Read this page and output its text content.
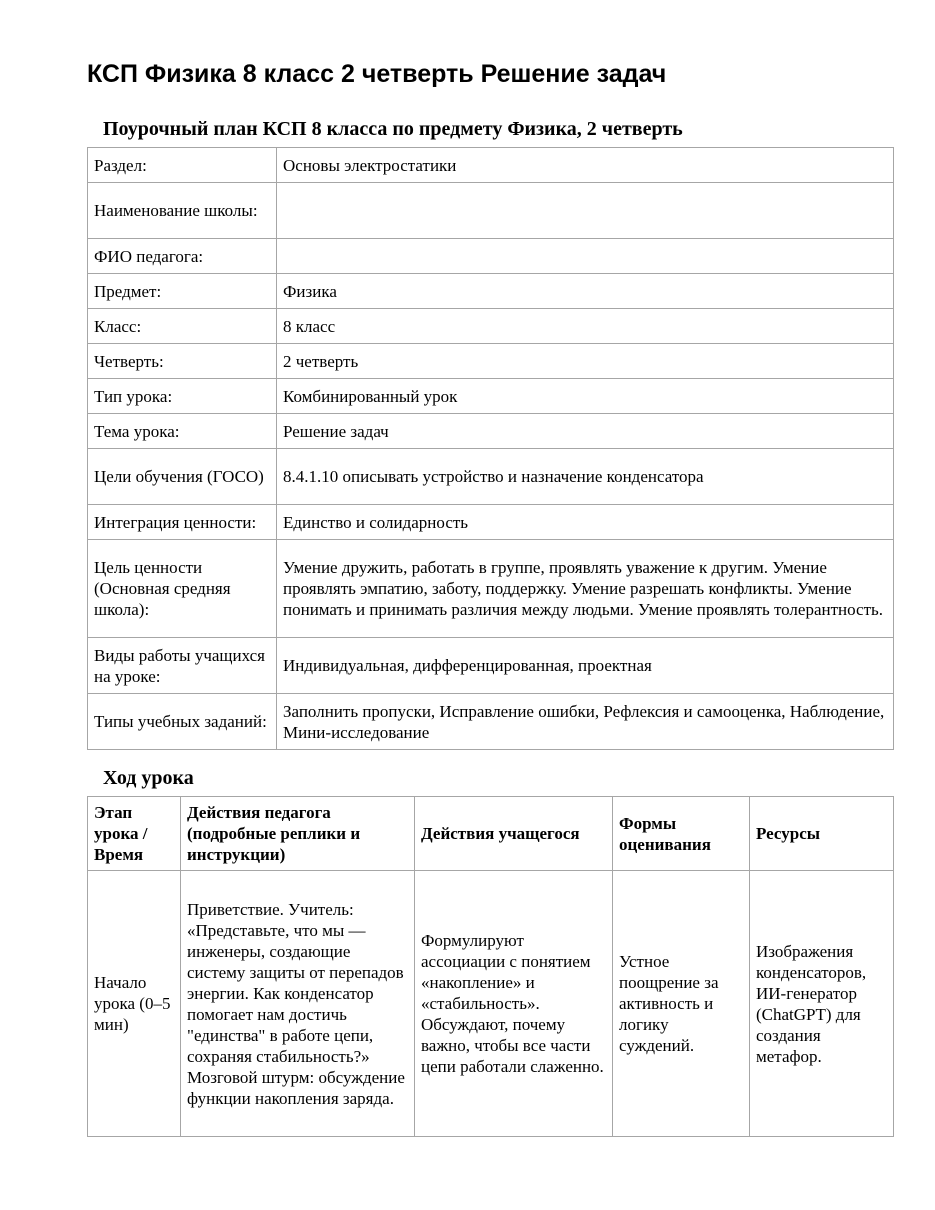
КСП Физика 8 класс 2 четверть Решение задач
Поурочный план КСП 8 класса по предмету Физика, 2 четверть
Раздел:	Основы электростатики
Наименование школы:	
ФИО педагога:	
Предмет:	Физика
Класс:	8 класс
Четверть:	2 четверть
Тип урока:	Комбинированный урок
Тема урока:	Решение задач
Цели обучения (ГОСО)	8.4.1.10 описывать устройство и назначение конденсатора
Интеграция ценности:	Единство и солидарность
Цель ценности (Основная средняя школа):	Умение дружить, работать в группе, проявлять уважение к другим. Умение проявлять эмпатию, заботу, поддержку. Умение разрешать конфликты. Умение понимать и принимать различия между людьми. Умение проявлять толерантность.
Виды работы учащихся на уроке:	Индивидуальная, дифференцированная, проектная
Типы учебных заданий:	Заполнить пропуски, Исправление ошибки, Рефлексия и самооценка, Наблюдение, Мини-исследование
Ход урока
Этап урока / Время	Действия педагога (подробные реплики и инструкции)	Действия учащегося	Формы оценивания	Ресурсы
Начало урока (0–5 мин)	Приветствие. Учитель: «Представьте, что мы — инженеры, создающие систему защиты от перепадов энергии. Как конденсатор помогает нам достичь "единства" в работе цепи, сохраняя стабильность?» Мозговой штурм: обсуждение функции накопления заряда.	Формулируют ассоциации с понятием «накопление» и «стабильность». Обсуждают, почему важно, чтобы все части цепи работали слаженно.	Устное поощрение за активность и логику суждений.	Изображения конденсаторов, ИИ-генератор (ChatGPT) для создания метафор.
